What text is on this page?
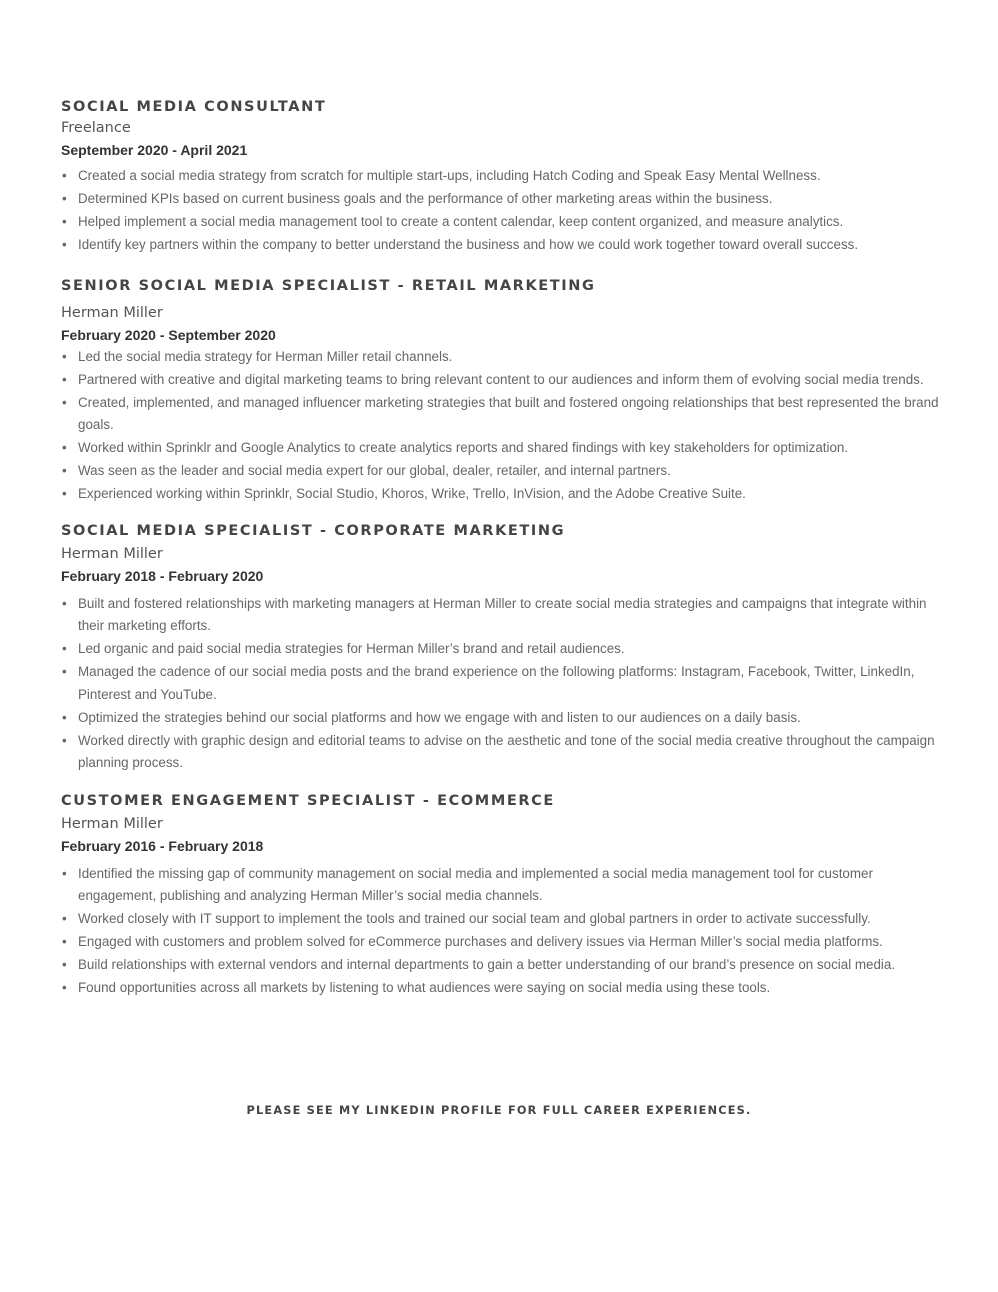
SOCIAL MEDIA CONSULTANT
Freelance
September 2020 - April 2021
• Created a social media strategy from scratch for multiple start-ups, including Hatch Coding and Speak Easy Mental Wellness.
• Determined KPIs based on current business goals and the performance of other marketing areas within the business.
• Helped implement a social media management tool to create a content calendar, keep content organized, and measure analytics.
• Identify key partners within the company to better understand the business and how we could work together toward overall success.
SENIOR SOCIAL MEDIA SPECIALIST - RETAIL MARKETING
Herman Miller
February 2020 - September 2020
• Led the social media strategy for Herman Miller retail channels.
• Partnered with creative and digital marketing teams to bring relevant content to our audiences and inform them of evolving social media trends.
• Created, implemented, and managed influencer marketing strategies that built and fostered ongoing relationships that best represented the brand goals.
• Worked within Sprinklr and Google Analytics to create analytics reports and shared findings with key stakeholders for optimization.
• Was seen as the leader and social media expert for our global, dealer, retailer, and internal partners.
• Experienced working within Sprinklr, Social Studio, Khoros, Wrike, Trello, InVision, and the Adobe Creative Suite.
SOCIAL MEDIA SPECIALIST - CORPORATE MARKETING
Herman Miller
February 2018 - February 2020
• Built and fostered relationships with marketing managers at Herman Miller to create social media strategies and campaigns that integrate within their marketing efforts.
• Led organic and paid social media strategies for Herman Miller’s brand and retail audiences.
• Managed the cadence of our social media posts and the brand experience on the following platforms: Instagram, Facebook, Twitter, LinkedIn, Pinterest and YouTube.
• Optimized the strategies behind our social platforms and how we engage with and listen to our audiences on a daily basis.
• Worked directly with graphic design and editorial teams to advise on the aesthetic and tone of the social media creative throughout the campaign planning process.
CUSTOMER ENGAGEMENT SPECIALIST - ECOMMERCE
Herman Miller
February 2016 - February 2018
• Identified the missing gap of community management on social media and implemented a social media management tool for customer engagement, publishing and analyzing Herman Miller’s social media channels.
• Worked closely with IT support to implement the tools and trained our social team and global partners in order to activate successfully.
• Engaged with customers and problem solved for eCommerce purchases and delivery issues via Herman Miller’s social media platforms.
• Build relationships with external vendors and internal departments to gain a better understanding of our brand’s presence on social media.
• Found opportunities across all markets by listening to what audiences were saying on social media using these tools.
PLEASE SEE MY LINKEDIN PROFILE FOR FULL CAREER EXPERIENCES.
